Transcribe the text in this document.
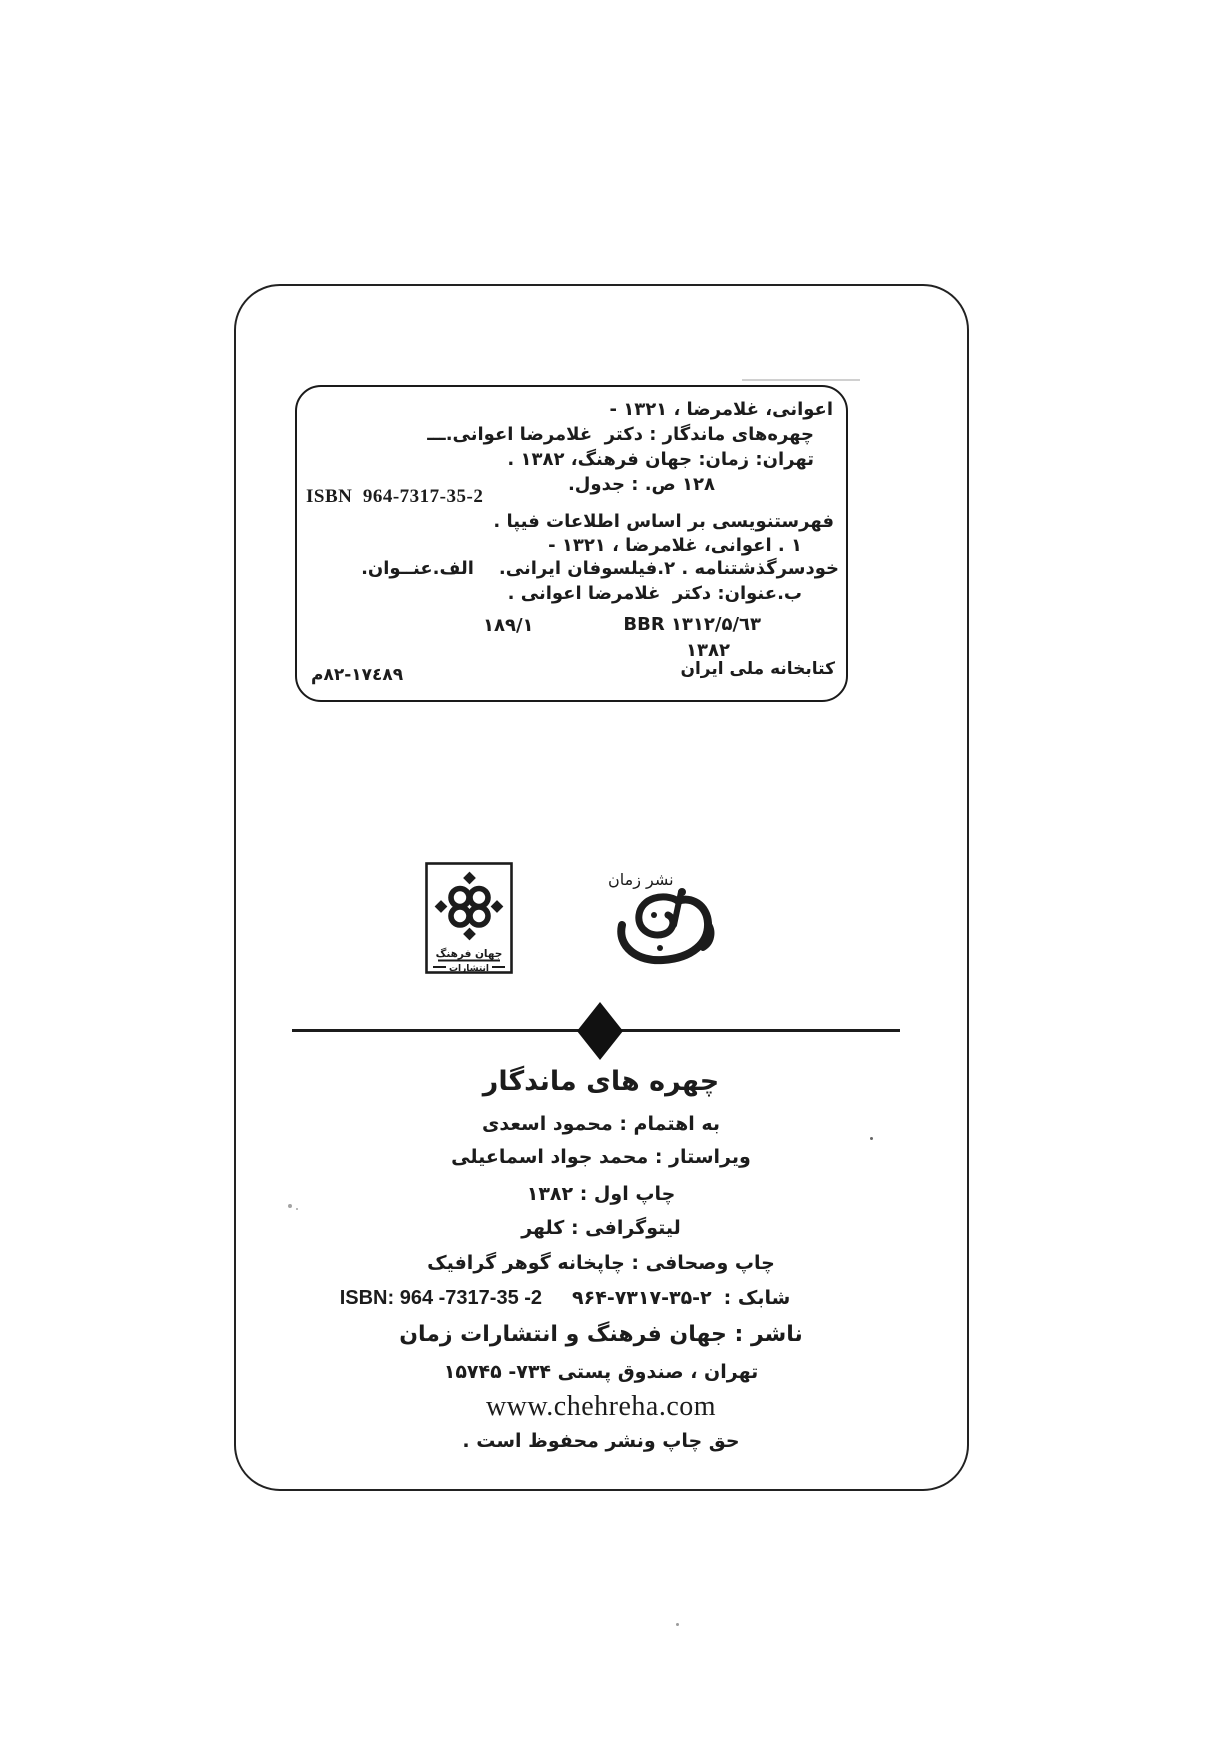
اعوانی، غلامرضا ، ۱۳۲۱ -
چهره‌های ماندگار : دکتر  غلامرضا اعوانی.ـــ
تهران: زمان: جهان فرهنگ، ۱۳۸۲ .
۱۲۸ ص. : جدول.
ISBN  964-7317-35-2
فهرستنویسی بر اساس اطلاعات فیپا .
۱ . اعوانی، غلامرضا ، ۱۳۲۱ -
خودسرگذشتنامه . ۲.فیلسوفان ایرانی.    الف.عنــوان.
ب.عنوان: دکتر  غلامرضا اعوانی .
۱۸۹/۱	BBR ۱۳۱۲/۵/٦۳
۱۳۸۲
کتابخانه ملی ایران
م۸۲-۱۷٤۸۹
جهان فرهنگ
انتشارات
نشر زمان
چهره های ماندگار
به اهتمام : محمود اسعدی
ویراستار : محمد جواد اسماعیلی
چاپ اول : ۱۳۸۲
لیتوگرافی : کلهر
چاپ وصحافی : چاپخانه گوهر گرافیک
ISBN: 964 -7317-35 -2 ۹۶۴-۷۳۱۷-۳۵-۲ شابک :
ناشر : جهان فرهنگ و انتشارات زمان
تهران ، صندوق پستی ۷۳۴- ۱۵۷۴۵
www.chehreha.com
حق چاپ ونشر محفوظ است .
